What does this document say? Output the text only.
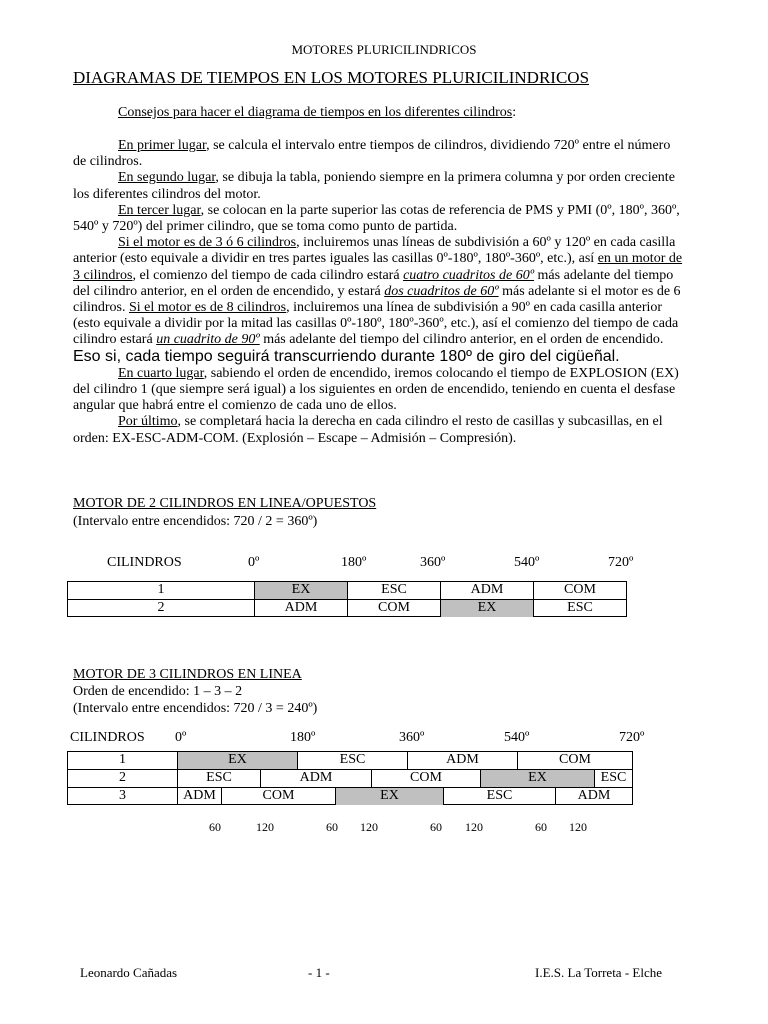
MOTORES PLURICILINDRICOS
DIAGRAMAS DE TIEMPOS EN LOS MOTORES PLURICILINDRICOS
Consejos para hacer el diagrama de tiempos en los diferentes cilindros:
En primer lugar, se calcula el intervalo entre tiempos de cilindros, dividiendo 720º entre el número de cilindros.
En segundo lugar, se dibuja la tabla, poniendo siempre en la primera columna y por orden creciente los diferentes cilindros del motor.
En tercer lugar, se colocan en la parte superior las cotas de referencia de PMS y PMI (0º, 180º, 360º, 540º y 720º) del primer cilindro, que se toma como punto de partida.
Si el motor es de 3 ó 6 cilindros, incluiremos unas líneas de subdivisión a 60º y 120º en cada casilla anterior (esto equivale a dividir en tres partes iguales las casillas 0º-180º, 180º-360º, etc.), así en un motor de 3 cilindros, el comienzo del tiempo de cada cilindro estará cuatro cuadritos de 60º más adelante del tiempo del cilindro anterior, en el orden de encendido, y estará dos cuadritos de 60º más adelante si el motor es de 6 cilindros. Si el motor es de 8 cilindros, incluiremos una línea de subdivisión a 90º en cada casilla anterior (esto equivale a dividir por la mitad las casillas 0º-180º, 180º-360º, etc.), así el comienzo del tiempo de cada cilindro estará un cuadrito de 90º más adelante del tiempo del cilindro anterior, en el orden de encendido. Eso si, cada tiempo seguirá transcurriendo durante 180º de giro del cigüeñal.
En cuarto lugar, sabiendo el orden de encendido, iremos colocando el tiempo de EXPLOSION (EX) del cilindro 1 (que siempre será igual) a los siguientes en orden de encendido, teniendo en cuenta el desfase angular que habrá entre el comienzo de cada uno de ellos.
Por último, se completará hacia la derecha en cada cilindro el resto de casillas y subcasillas, en el orden: EX-ESC-ADM-COM. (Explosión – Escape – Admisión – Compresión).
MOTOR DE 2 CILINDROS EN LINEA/OPUESTOS
(Intervalo entre encendidos: 720 / 2 = 360º)
CILINDROS	0º	180º	360º	540º	720º
1	EX	ESC	ADM	COM
2	ADM	COM	EX	ESC
MOTOR DE 3 CILINDROS EN LINEA
Orden de encendido: 1 – 3 – 2
(Intervalo entre encendidos: 720 / 3 = 240º)
CILINDROS 0º	180º	360º	540º	720º
1	EX	ESC	ADM	COM
2	ESC	ADM	COM	EX	ESC
3	ADM	COM	EX	ESC	ADM
60	120	60 120	60 120	60 120
Leonardo Cañadas	- 1 -	I.E.S. La Torreta - Elche
